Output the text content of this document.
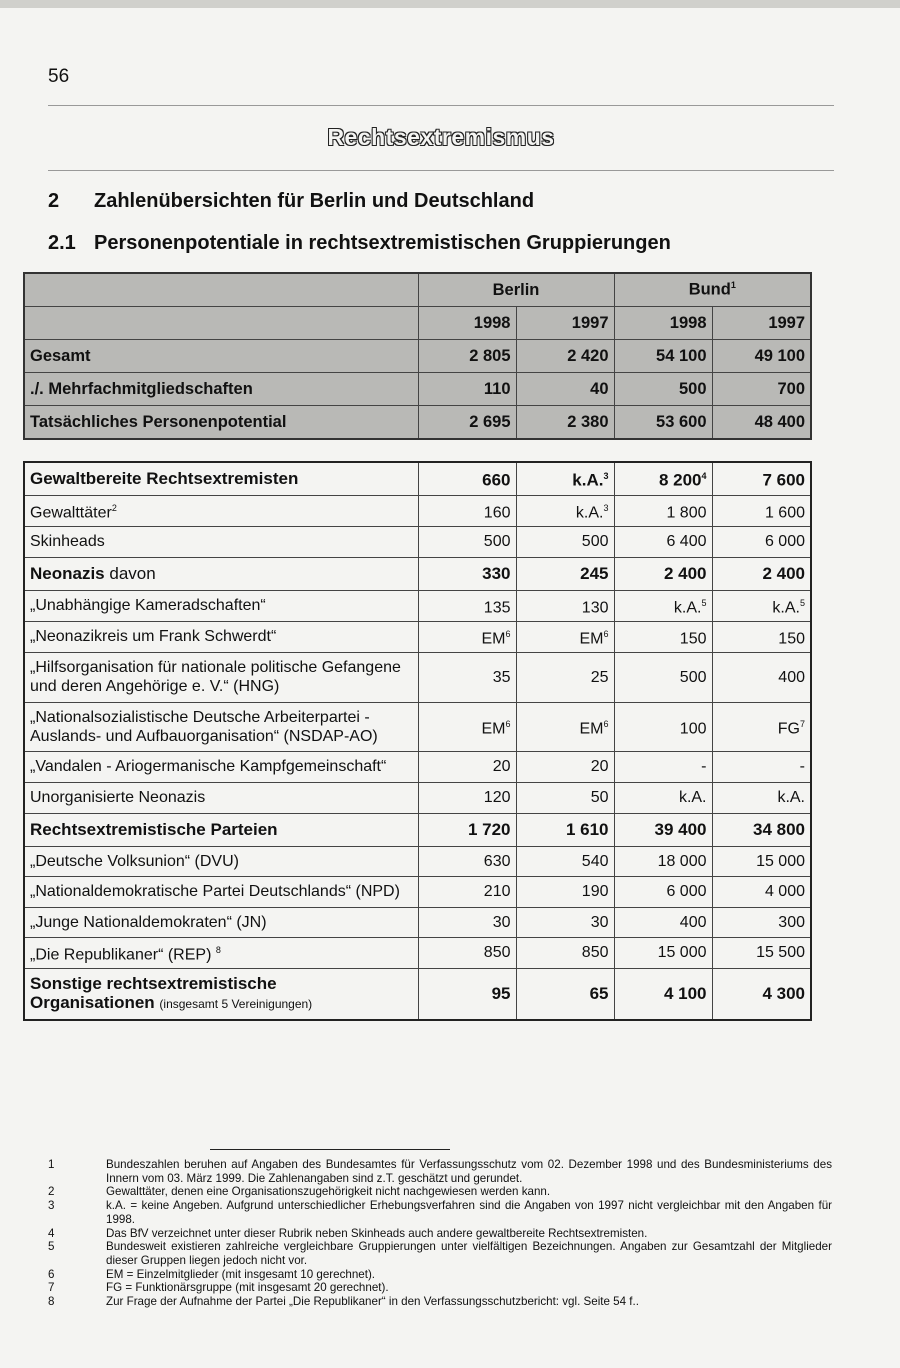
56
Rechtsextremismus
2 Zahlenübersichten für Berlin und Deutschland
2.1 Personenpotentiale in rechtsextremistischen Gruppierungen
	Berlin		Bund$^1$
	1998	1997	1998	1997
Gesamt	2 805	2 420	54 100	49 100
./. Mehrfachmitgliedschaften	110	40	500	700
Tatsächliches Personenpotential	2 695	2 380	53 600	48 400
Gewaltbereite Rechtsextremisten	660	k.A.$^3$	8 $200^4$	7 600
Gewalttäter$^2$	160	k.A.$^3$	1 800	1 600
Skinheads	500	500	6 400	6 000
Neonazis davon	330	245	2 400	2 400
„Unabhängige Kameradschaften“	135	130	k.A.$^5$	k.A.$^5$
„Neonazikreis um Frank Schwerdt“	$EM^6$	$EM^6$	150	150
„Hilfsorganisation für nationale politische Gefangene
und deren Angehörige e. V.“ (HNG)	35	25	500	400
„Nationalsozialistische Deutsche Arbeiterpartei -
Auslands- und Aufbauorganisation“ (NSDAP-AO)	$EM^6$	$EM^6$	100	$FG^7$
„Vandalen - Ariogermanische Kampfgemeinschaft“	20	20	-	-
Unorganisierte Neonazis	120	50	k.A.	k.A.
Rechtsextremistische Parteien	1 720	1 610	39 400	34 800
„Deutsche Volksunion“ (DVU)	630	540	18 000	15 000
„Nationaldemokratische Partei Deutschlands“ (NPD)	210	190	6 000	4 000
„Junge Nationaldemokraten“ (JN)	30	30	400	300
„Die Republikaner“ (REP) $^8$	850	850	15 000	15 500
Sonstige rechtsextremistische
Organisationen (insgesamt 5 Vereinigungen)	95	65	4 100	4 300
1	Bundeszahlen beruhen auf Angaben des Bundesamtes für Verfassungsschutz vom 02. Dezember 1998 und des Bundesministeriums des Innern vom 03. März 1999. Die Zahlenangaben sind z.T. geschätzt und gerundet.
2	Gewalttäter, denen eine Organisationszugehörigkeit nicht nachgewiesen werden kann.
3	k.A. = keine Angeben. Aufgrund unterschiedlicher Erhebungsverfahren sind die Angaben von 1997 nicht vergleichbar mit den Angaben für 1998.
4	Das BfV verzeichnet unter dieser Rubrik neben Skinheads auch andere gewaltbereite Rechtsextremisten.
5	Bundesweit existieren zahlreiche vergleichbare Gruppierungen unter vielfältigen Bezeichnungen. Angaben zur Gesamtzahl der Mitglieder dieser Gruppen liegen jedoch nicht vor.
6	EM = Einzelmitglieder (mit insgesamt 10 gerechnet).
7	FG = Funktionärsgruppe (mit insgesamt 20 gerechnet).
8	Zur Frage der Aufnahme der Partei „Die Republikaner“ in den Verfassungsschutzbericht: vgl. Seite 54 f..
